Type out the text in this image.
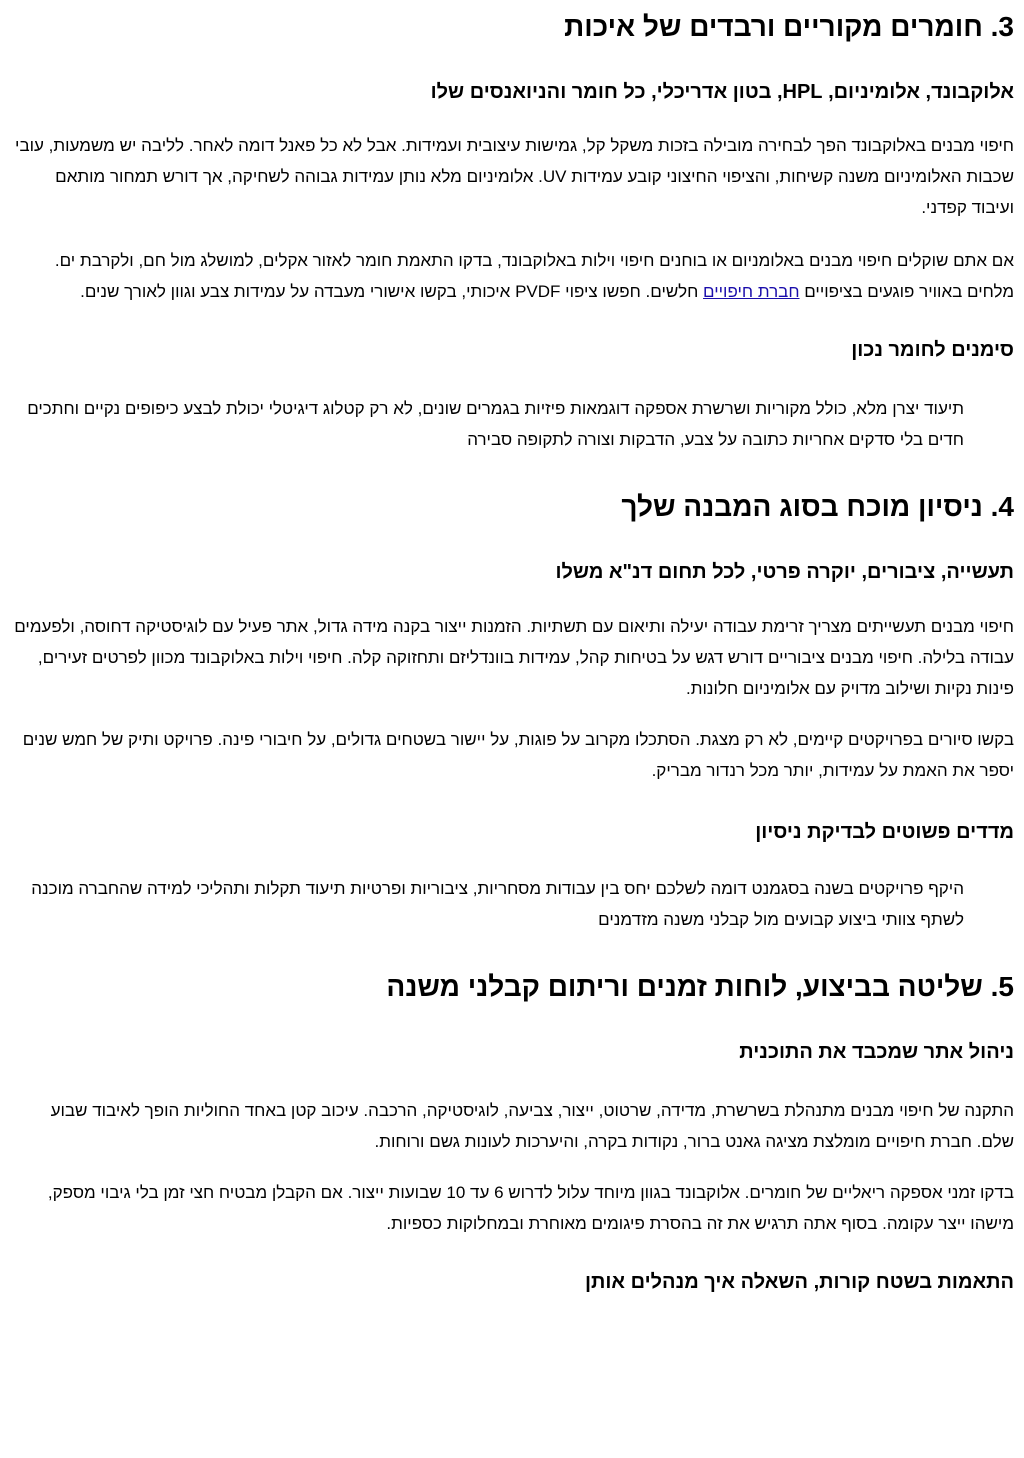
3. חומרים מקוריים ורבדים של איכות
אלוקבונד, אלומיניום, HPL, בטון אדריכלי, כל חומר והניואנסים שלו

חיפוי מבנים באלוקבונד הפך לבחירה מובילה בזכות משקל קל, גמישות עיצובית ועמידות. אבל לא כל פאנל דומה לאחר. לליבה יש משמעות, עובי שכבות האלומיניום משנה קשיחות, והציפוי החיצוני קובע עמידות UV. אלומיניום מלא נותן עמידות גבוהה לשחיקה, אך דורש תמחור מותאם ועיבוד קפדני.

אם אתם שוקלים חיפוי מבנים באלומניום או בוחנים חיפוי וילות באלוקבונד, בדקו התאמת חומר לאזור אקלים, למושלג מול חם, ולקרבת ים. מלחים באוויר פוגעים בציפויים חברת חיפויים חלשים. חפשו ציפוי PVDF איכותי, בקשו אישורי מעבדה על עמידות צבע וגוון לאורך שנים.

סימנים לחומר נכון
תיעוד יצרן מלא, כולל מקוריות ושרשרת אספקה דוגמאות פיזיות בגמרים שונים, לא רק קטלוג דיגיטלי יכולת לבצע כיפופים נקיים וחתכים חדים בלי סדקים אחריות כתובה על צבע, הדבקות וצורה לתקופה סבירה
4. ניסיון מוכח בסוג המבנה שלך
תעשייה, ציבורים, יוקרה פרטי, לכל תחום דנ"א משלו

חיפוי מבנים תעשייתים מצריך זרימת עבודה יעילה ותיאום עם תשתיות. הזמנות ייצור בקנה מידה גדול, אתר פעיל עם לוגיסטיקה דחוסה, ולפעמים עבודה בלילה. חיפוי מבנים ציבוריים דורש דגש על בטיחות קהל, עמידות בוונדליזם ותחזוקה קלה. חיפוי וילות באלוקבונד מכוון לפרטים זעירים, פינות נקיות ושילוב מדויק עם אלומיניום חלונות.

בקשו סיורים בפרויקטים קיימים, לא רק מצגת. הסתכלו מקרוב על פוגות, על יישור בשטחים גדולים, על חיבורי פינה. פרויקט ותיק של חמש שנים יספר את האמת על עמידות, יותר מכל רנדור מבריק.

מדדים פשוטים לבדיקת ניסיון
היקף פרויקטים בשנה בסגמנט דומה לשלכם יחס בין עבודות מסחריות, ציבוריות ופרטיות תיעוד תקלות ותהליכי למידה שהחברה מוכנה לשתף צוותי ביצוע קבועים מול קבלני משנה מזדמנים
5. שליטה בביצוע, לוחות זמנים וריתום קבלני משנה
ניהול אתר שמכבד את התוכנית

התקנה של חיפוי מבנים מתנהלת בשרשרת, מדידה, שרטוט, ייצור, צביעה, לוגיסטיקה, הרכבה. עיכוב קטן באחד החוליות הופך לאיבוד שבוע שלם. חברת חיפויים מומלצת מציגה גאנט ברור, נקודות בקרה, והיערכות לעונות גשם ורוחות.

בדקו זמני אספקה ריאליים של חומרים. אלוקבונד בגוון מיוחד עלול לדרוש 6 עד 10 שבועות ייצור. אם הקבלן מבטיח חצי זמן בלי גיבוי מספק, מישהו ייצר עקומה. בסוף אתה תרגיש את זה בהסרת פיגומים מאוחרת ובמחלוקות כספיות.

התאמות בשטח קורות, השאלה איך מנהלים אותן
